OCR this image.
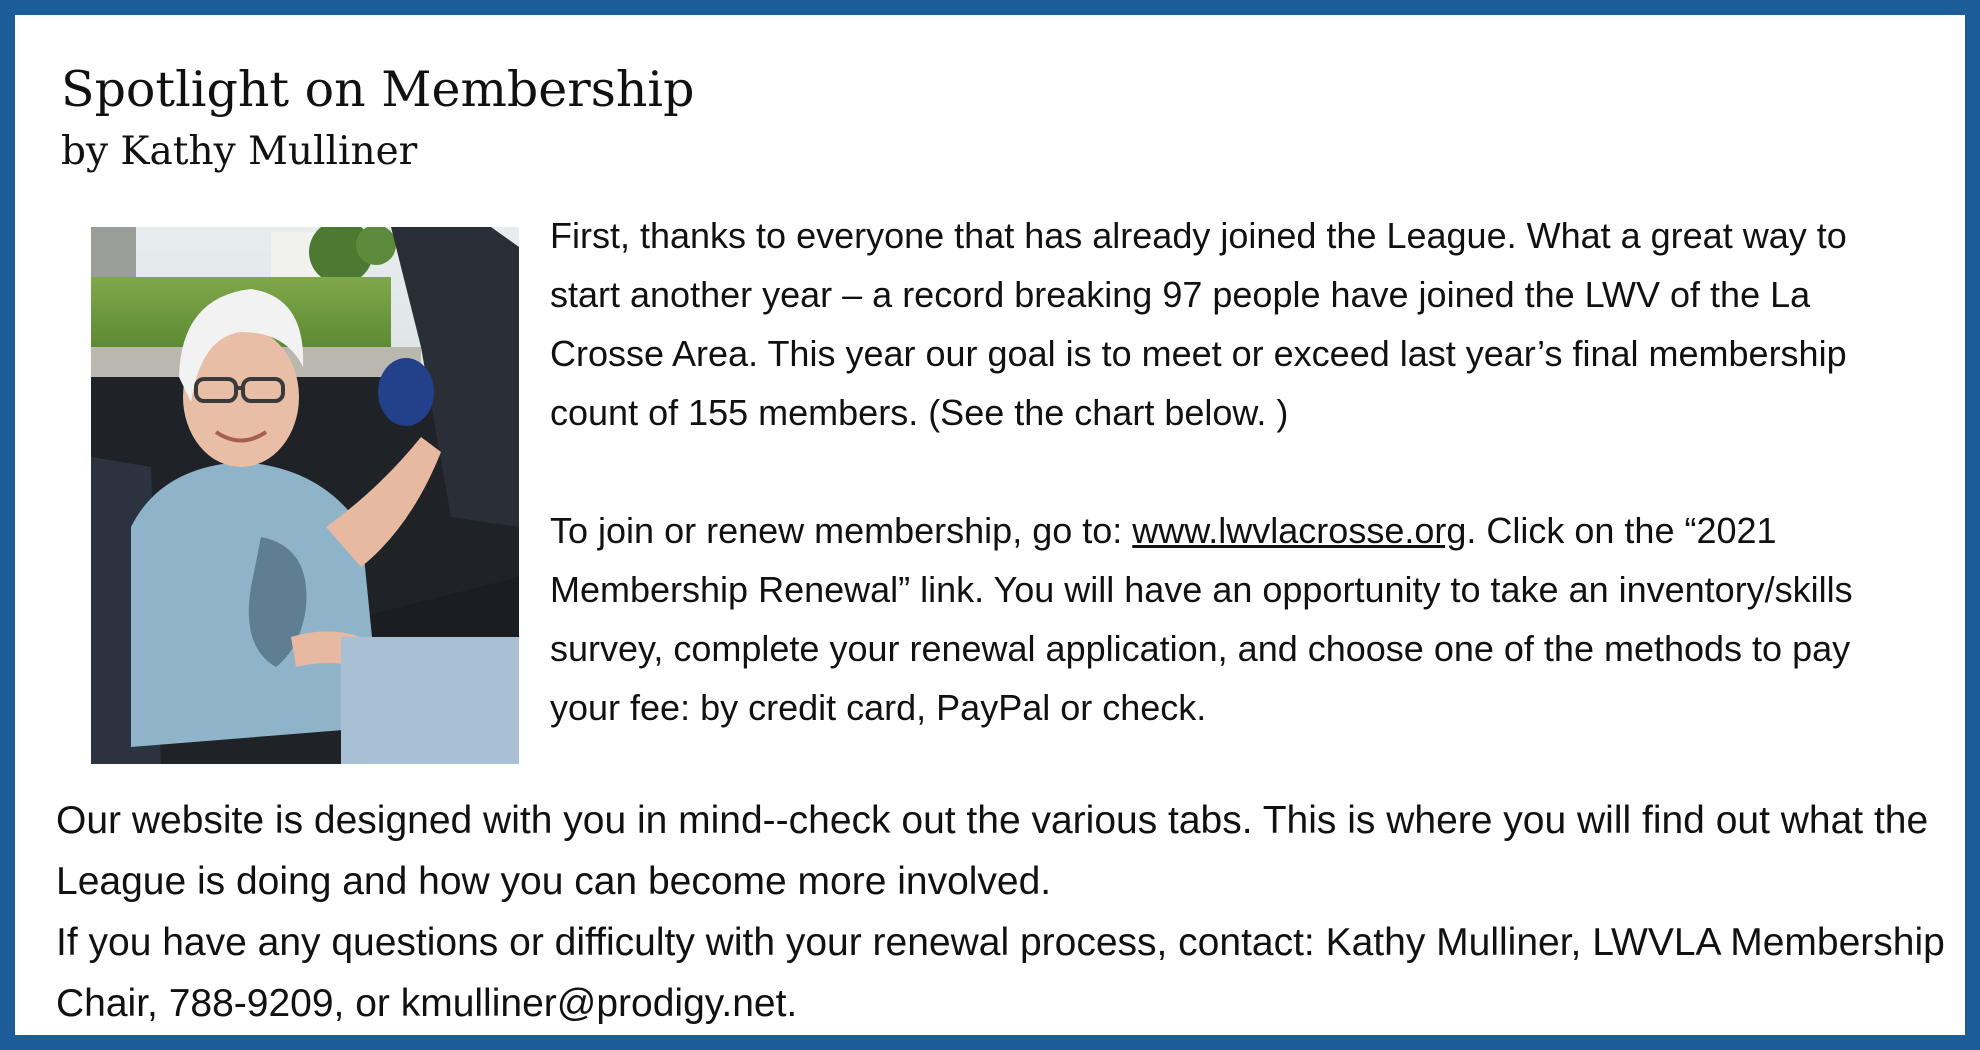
Spotlight on Membership
by Kathy Mulliner

First, thanks to everyone that has already joined the League. What a great way to start another year – a record breaking 97 people have joined the LWV of the La Crosse Area. This year our goal is to meet or exceed last year’s final membership count of 155 members. (See the chart below. )

To join or renew membership, go to: www.lwvlacrosse.org. Click on the “2021 Membership Renewal” link. You will have an opportunity to take an inventory/skills survey, complete your renewal application, and choose one of the methods to pay your fee: by credit card, PayPal or check.

Our website is designed with you in mind--check out the various tabs. This is where you will find out what the League is doing and how you can become more involved.

If you have any questions or difficulty with your renewal process, contact: Kathy Mulliner, LWVLA Membership Chair, 788-9209, or kmulliner@prodigy.net.
